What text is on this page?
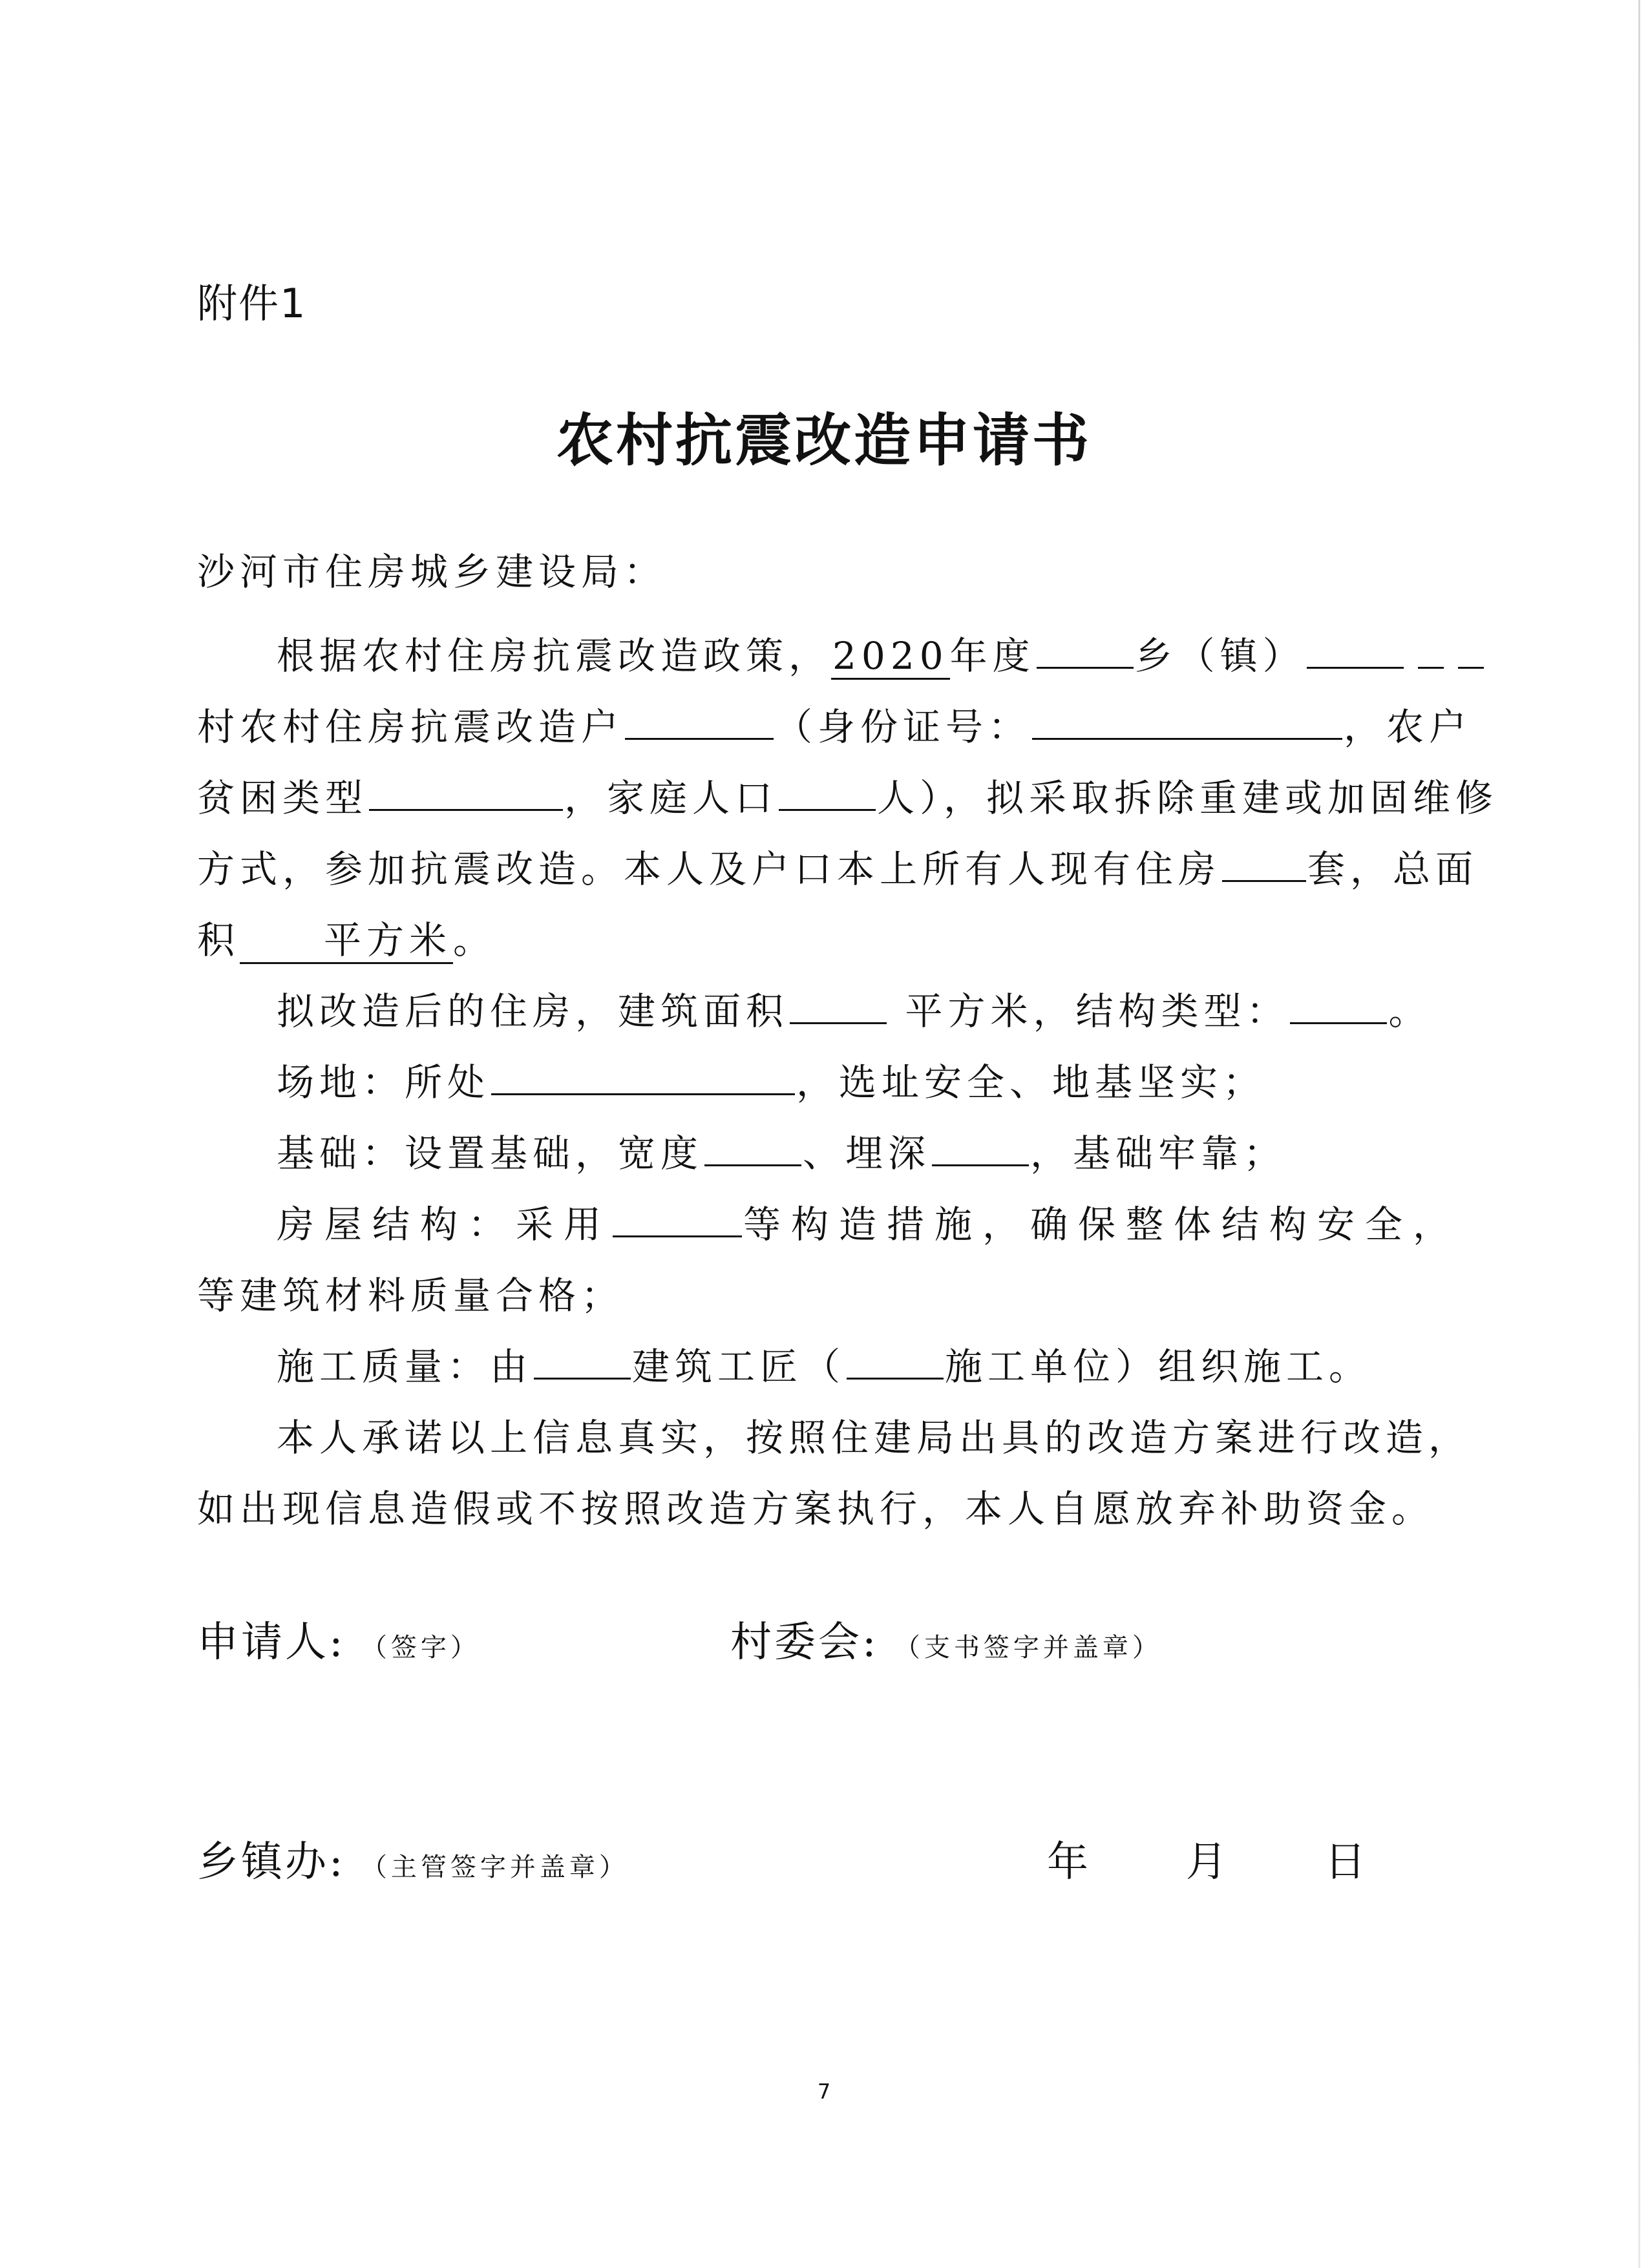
附件1
农村抗震改造申请书
沙河市住房城乡建设局：
根据农村住房抗震改造政策，2020年度	乡（镇）
村农村住房抗震改造户	（身份证号：	，农户
贫困类型	，家庭人口	人），拟采取拆除重建或加固维修
方式，参加抗震改造。本人及户口本上所有人现有住房 套，总面
积 平方米。
拟改造后的住房，建筑面积	平方米，结构类型：	。
场地：所处	，选址安全、地基坚实；
基础：设置基础，宽度	、埋深	，基础牢靠；
房屋结构：采用	等构造措施，确保整体结构安全，
等建筑材料质量合格；
施工质量：由	建筑工匠（	施工单位）组织施工。
本人承诺以上信息真实，按照住建局出具的改造方案进行改造，
如出现信息造假或不按照改造方案执行，本人自愿放弃补助资金。
申请人: （签字）	村委会: （支书签字并盖章）
乡镇办: （主管签字并盖章）	年 月 日
7
